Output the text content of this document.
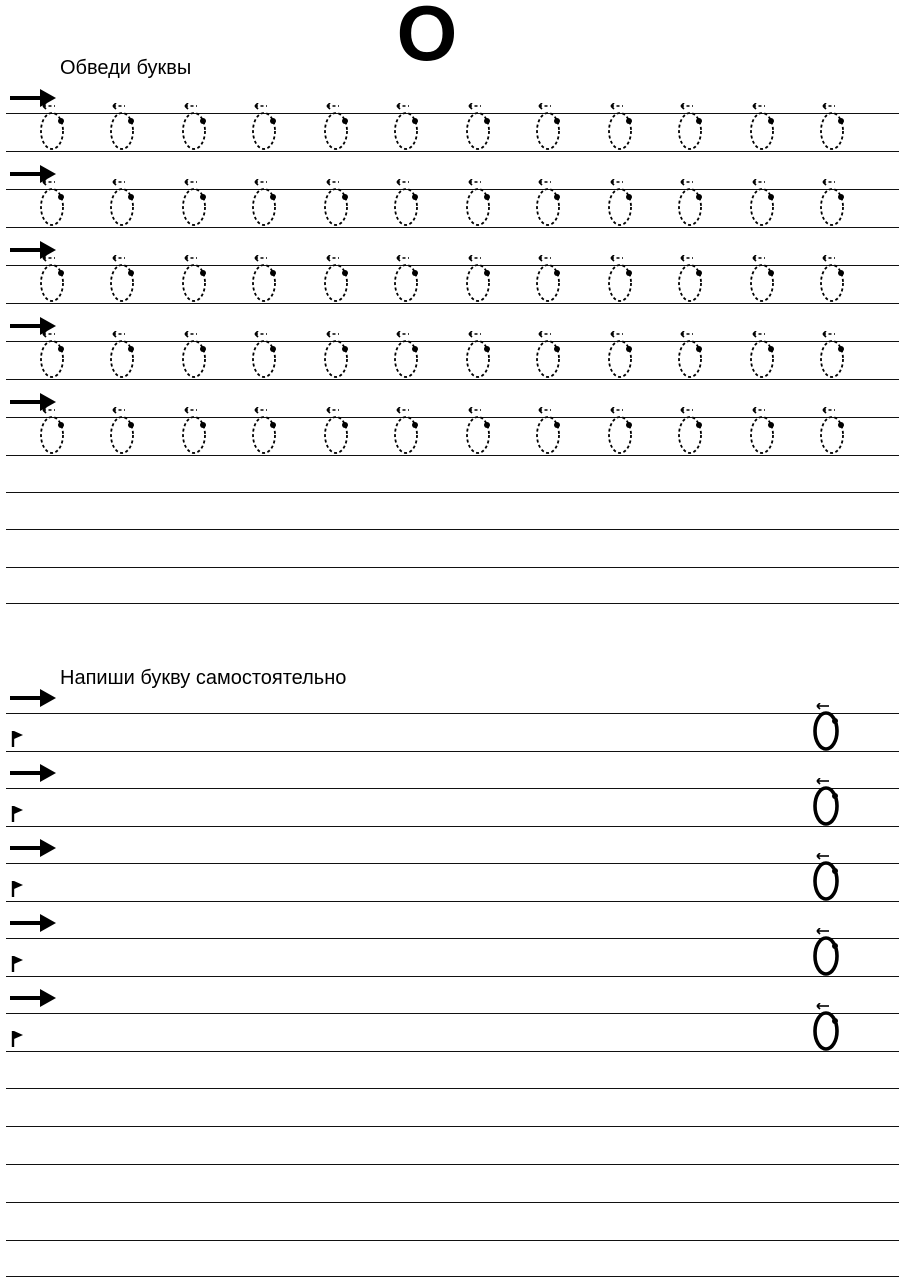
О
Обведи буквы
Напиши букву самостоятельно
